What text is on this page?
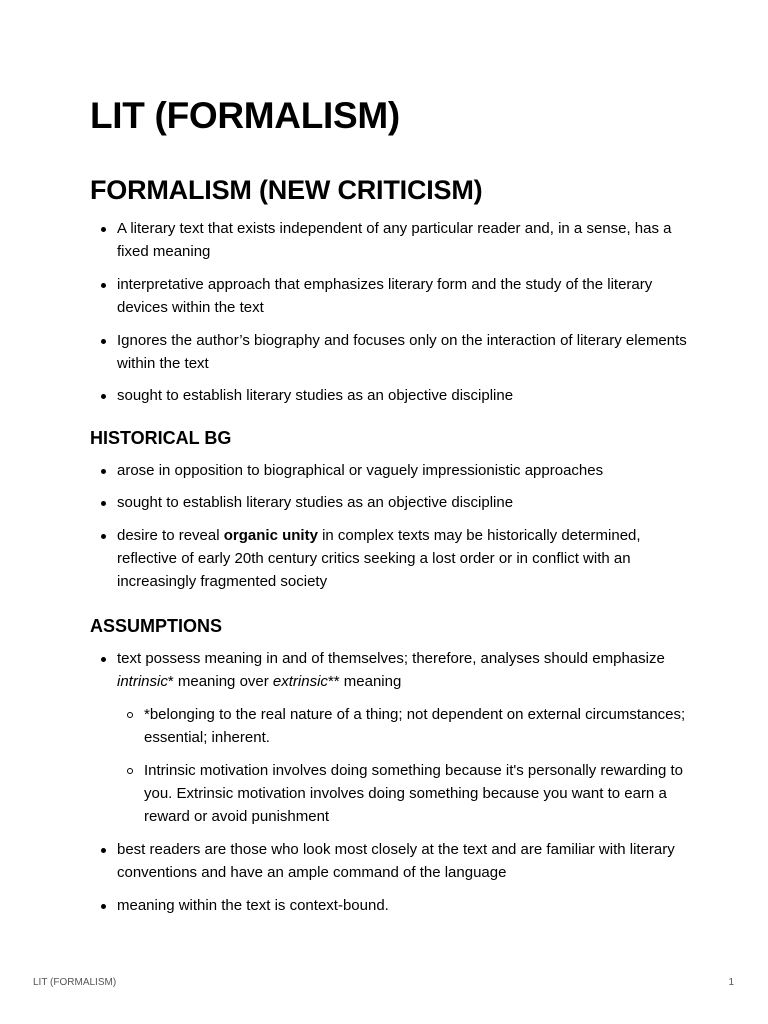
LIT (FORMALISM)
FORMALISM (NEW CRITICISM)
A literary text that exists independent of any particular reader and, in a sense, has a fixed meaning
interpretative approach that emphasizes literary form and the study of the literary devices within the text
Ignores the author’s biography and focuses only on the interaction of literary elements within the text
sought to establish literary studies as an objective discipline
HISTORICAL BG
arose in opposition to biographical or vaguely impressionistic approaches
sought to establish literary studies as an objective discipline
desire to reveal organic unity in complex texts may be historically determined, reflective of early 20th century critics seeking a lost order or in conflict with an increasingly fragmented society
ASSUMPTIONS
text possess meaning in and of themselves; therefore, analyses should emphasize intrinsic* meaning over extrinsic** meaning
*belonging to the real nature of a thing; not dependent on external circumstances; essential; inherent.
Intrinsic motivation involves doing something because it's personally rewarding to you. Extrinsic motivation involves doing something because you want to earn a reward or avoid punishment
best readers are those who look most closely at the text and are familiar with literary conventions and have an ample command of the language
meaning within the text is context-bound.
LIT (FORMALISM)	1
